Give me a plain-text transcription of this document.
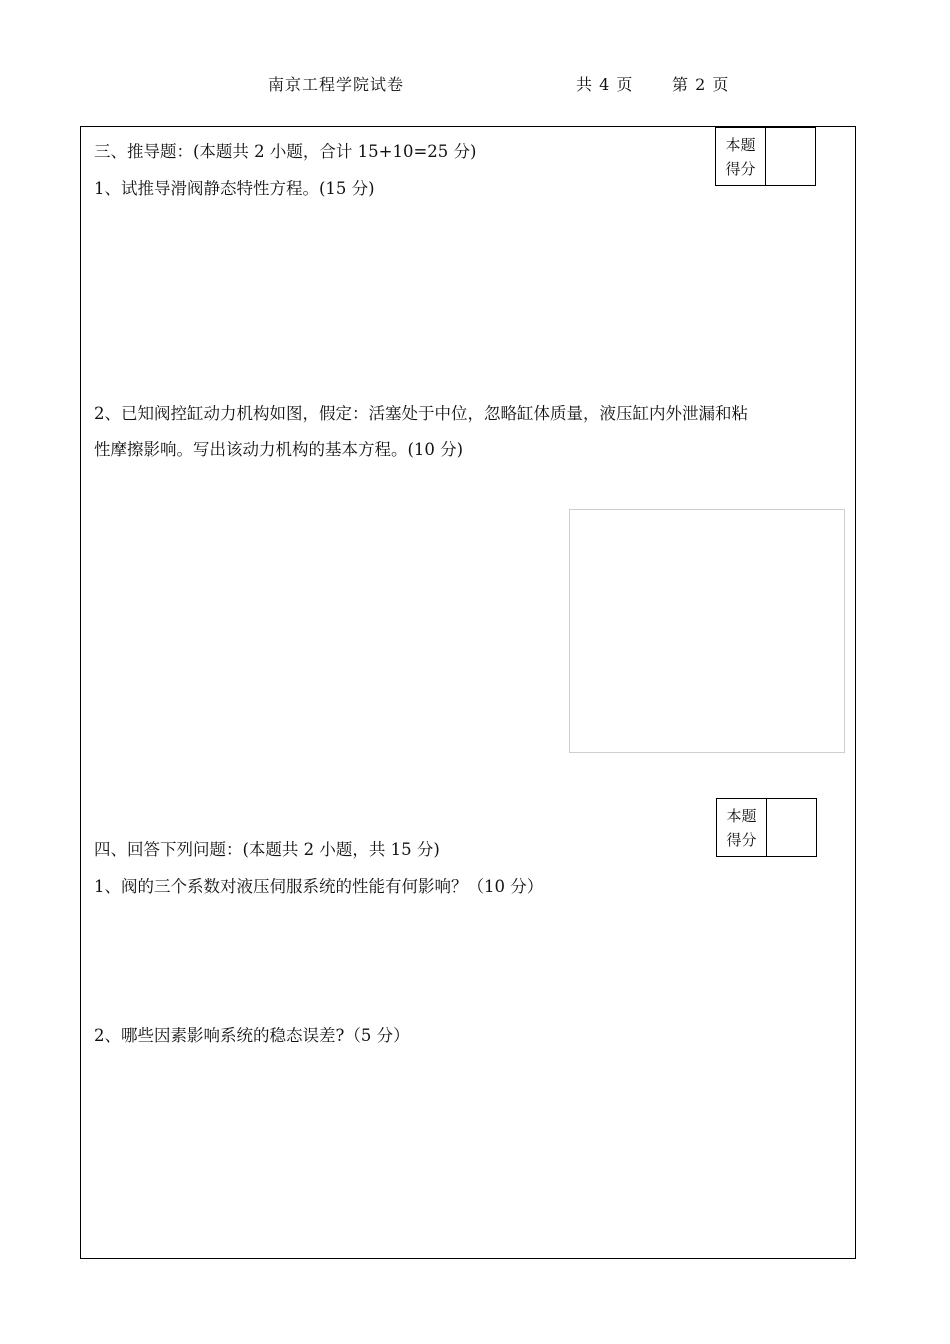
南京工程学院试卷	共 4 页 第 2 页
三、推导题：(本题共 2 小题，合计 15+10=25 分)	本题
得分
1、试推导滑阀静态特性方程。(15 分)
2、已知阀控缸动力机构如图，假定：活塞处于中位，忽略缸体质量，液压缸内外泄漏和粘
性摩擦影响。写出该动力机构的基本方程。(10 分)
本题
得分
四、回答下列问题：(本题共 2 小题，共 15 分)
1、阀的三个系数对液压伺服系统的性能有何影响？（10 分）
2、哪些因素影响系统的稳态误差?（5 分）
